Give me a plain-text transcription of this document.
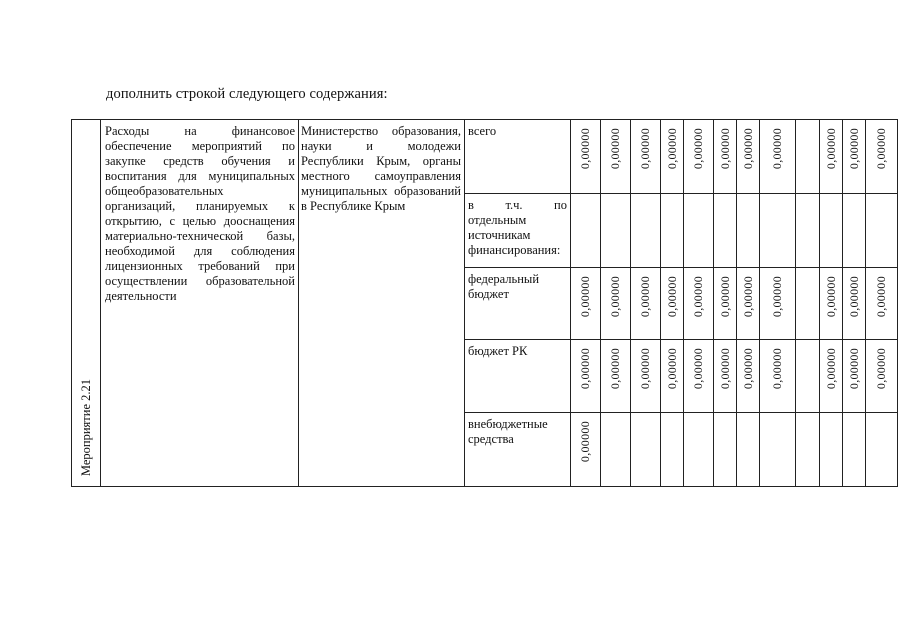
дополнить строкой следующего содержания:
Мероприятие 2.21	Расходы на финансовое обеспечение мероприятий по закупке средств обучения и воспитания для муниципальных общеобразовательных организаций, планируемых к открытию, с целью дооснащения материально-технической базы, необходимой для соблюдения лицензионных требований при осуществлении образовательной деятельности	Министерство образования, науки и молодежи Республики Крым, органы местного самоуправления муниципальных образований в Республике Крым	всего	0,00000	0,00000	0,00000	0,00000	0,00000	0,00000	0,00000	0,00000		0,00000	0,00000	0,00000

			в т.ч. по
отдельным источникам финансирования:												

			федеральный бюджет	0,00000	0,00000	0,00000	0,00000	0,00000	0,00000	0,00000	0,00000		0,00000	0,00000	0,00000
			бюджет РК	0,00000	0,00000	0,00000	0,00000	0,00000	0,00000	0,00000	0,00000		0,00000	0,00000	0,00000
			внебюджетные средства	0,00000											
